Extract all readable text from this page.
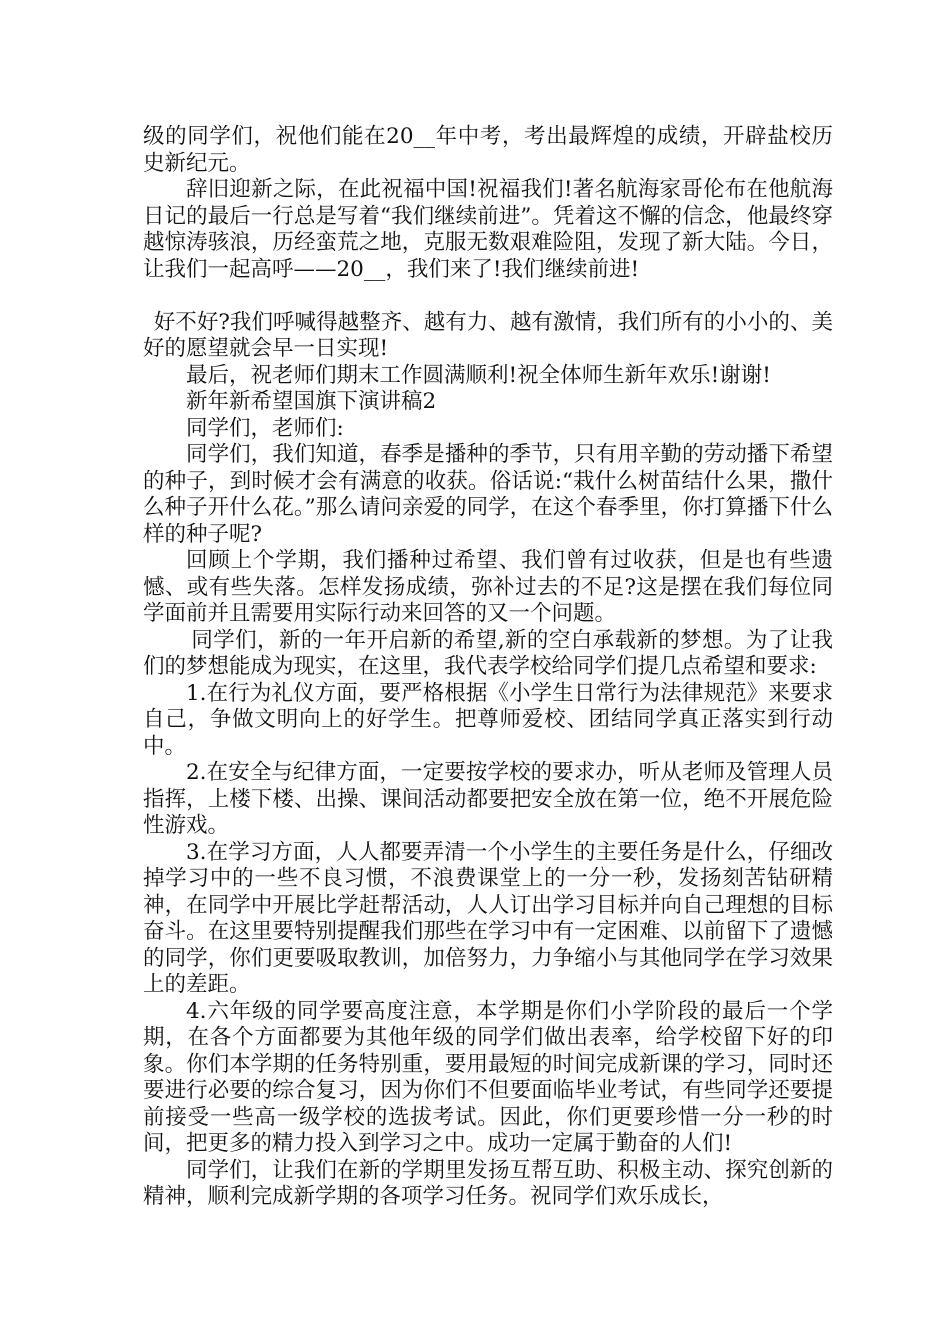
级的同学们，祝他们能在20__年中考，考出最辉煌的成绩，开辟盐校历史新纪元。

辞旧迎新之际，在此祝福中国!祝福我们!著名航海家哥伦布在他航海日记的最后一行总是写着“我们继续前进”。凭着这不懈的信念，他最终穿越惊涛骇浪，历经蛮荒之地，克服无数艰难险阻，发现了新大陆。今日，让我们一起高呼——20__，我们来了!我们继续前进!

好不好?我们呼喊得越整齐、越有力、越有激情，我们所有的小小的、美好的愿望就会早一日实现!

最后，祝老师们期末工作圆满顺利!祝全体师生新年欢乐!谢谢!

新年新希望国旗下演讲稿2

同学们，老师们:

同学们，我们知道，春季是播种的季节，只有用辛勤的劳动播下希望的种子，到时候才会有满意的收获。俗话说:“栽什么树苗结什么果，撒什么种子开什么花。”那么请问亲爱的同学，在这个春季里，你打算播下什么样的种子呢?

回顾上个学期，我们播种过希望、我们曾有过收获，但是也有些遗憾、或有些失落。怎样发扬成绩，弥补过去的不足?这是摆在我们每位同学面前并且需要用实际行动来回答的又一个问题。

同学们，新的一年开启新的希望,新的空白承载新的梦想。为了让我们的梦想能成为现实，在这里，我代表学校给同学们提几点希望和要求:

1.在行为礼仪方面，要严格根据《小学生日常行为法律规范》来要求自己，争做文明向上的好学生。把尊师爱校、团结同学真正落实到行动中。

2.在安全与纪律方面，一定要按学校的要求办，听从老师及管理人员指挥，上楼下楼、出操、课间活动都要把安全放在第一位，绝不开展危险性游戏。

3.在学习方面，人人都要弄清一个小学生的主要任务是什么，仔细改掉学习中的一些不良习惯，不浪费课堂上的一分一秒，发扬刻苦钻研精神，在同学中开展比学赶帮活动，人人订出学习目标并向自己理想的目标奋斗。在这里要特别提醒我们那些在学习中有一定困难、以前留下了遗憾的同学，你们更要吸取教训，加倍努力，力争缩小与其他同学在学习效果上的差距。

4.六年级的同学要高度注意，本学期是你们小学阶段的最后一个学期，在各个方面都要为其他年级的同学们做出表率，给学校留下好的印象。你们本学期的任务特别重，要用最短的时间完成新课的学习，同时还要进行必要的综合复习，因为你们不但要面临毕业考试，有些同学还要提前接受一些高一级学校的选拔考试。因此，你们更要珍惜一分一秒的时间，把更多的精力投入到学习之中。成功一定属于勤奋的人们!

同学们，让我们在新的学期里发扬互帮互助、积极主动、探究创新的精神，顺利完成新学期的各项学习任务。祝同学们欢乐成长，
